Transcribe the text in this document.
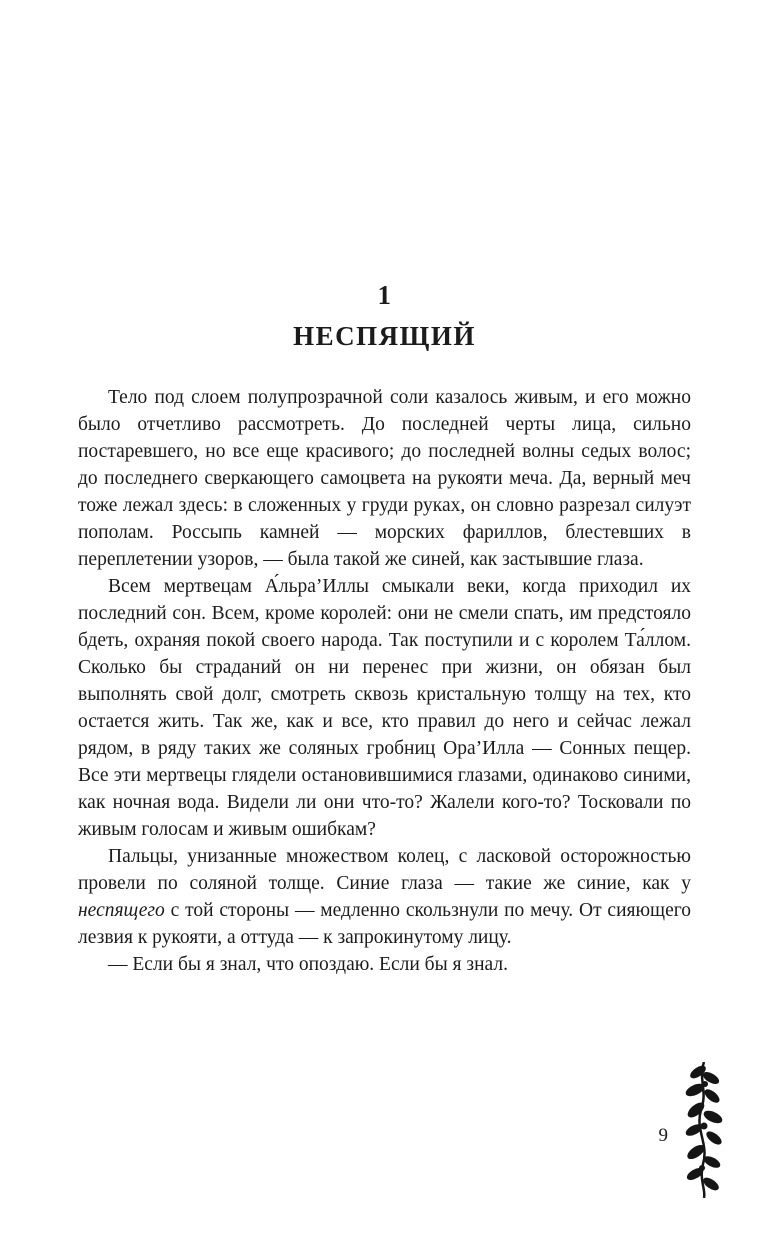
1
НЕСПЯЩИЙ

Тело под слоем полупрозрачной соли казалось живым, и его можно было отчетливо рассмотреть. До последней черты лица, сильно постаревшего, но все еще красивого; до последней волны седых волос; до последнего сверкающего самоцвета на рукояти меча. Да, верный меч тоже лежал здесь: в сложенных у груди руках, он словно разрезал силуэт пополам. Россыпь камней — морских фариллов, блестевших в переплетении узоров, — была такой же синей, как застывшие глаза.

Всем мертвецам А́льра’Иллы смыкали веки, когда приходил их последний сон. Всем, кроме королей: они не смели спать, им предстояло бдеть, охраняя покой своего народа. Так поступили и с королем Та́ллом. Сколько бы страданий он ни перенес при жизни, он обязан был выполнять свой долг, смотреть сквозь кристальную толщу на тех, кто остается жить. Так же, как и все, кто правил до него и сейчас лежал рядом, в ряду таких же соляных гробниц Ора’Илла — Сонных пещер. Все эти мертвецы глядели остановившимися глазами, одинаково синими, как ночная вода. Видели ли они что-то? Жалели кого-то? Тосковали по живым голосам и живым ошибкам?

Пальцы, унизанные множеством колец, с ласковой осторожностью провели по соляной толще. Синие глаза — такие же синие, как у неспящего с той стороны — медленно скользнули по мечу. От сияющего лезвия к рукояти, а оттуда — к запрокинутому лицу.

— Если бы я знал, что опоздаю. Если бы я знал.

9
